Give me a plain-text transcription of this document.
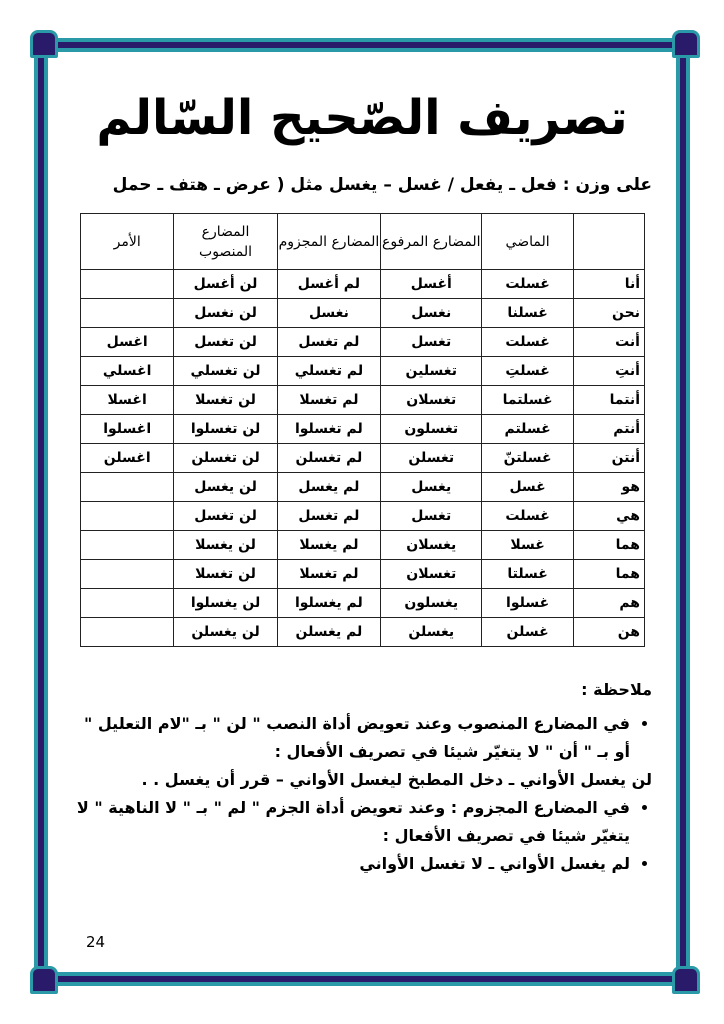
تصريف الصّحيح السّالم
على وزن : فعل ـ يفعل / غسل – يغسل مثل ( عرض ـ هتف ـ حمل
	الماضي	المضارع المرفوع	المضارع المجزوم	المضارع المنصوب	الأمر
أنا	غسلت	أغسل	لم أغسل	لن أغسل	
نحن	غسلنا	نغسل	نغسل	لن نغسل	
أنت	غسلت	تغسل	لم تغسل	لن تغسل	اغسل
أنتِ	غسلتِ	تغسلين	لم تغسلي	لن تغسلي	اغسلي
أنتما	غسلتما	تغسلان	لم تغسلا	لن تغسلا	اغسلا
أنتم	غسلتم	تغسلون	لم تغسلوا	لن تغسلوا	اغسلوا
أنتن	غسلتنّ	تغسلن	لم تغسلن	لن تغسلن	اغسلن
هو	غسل	يغسل	لم يغسل	لن يغسل	
هي	غسلت	تغسل	لم تغسل	لن تغسل	
هما	غسلا	يغسلان	لم يغسلا	لن يغسلا	
هما	غسلتا	تغسلان	لم تغسلا	لن تغسلا	
هم	غسلوا	يغسلون	لم يغسلوا	لن يغسلوا	
هن	غسلن	يغسلن	لم يغسلن	لن يغسلن	
ملاحظة :
• في المضارع المنصوب وعند تعويض أداة النصب " لن " بـ "لام التعليل " أو بـ " أن " لا يتغيّر شيئا في تصريف الأفعال :
لن يغسل الأواني ـ دخل المطبخ ليغسل الأواني – قرر أن يغسل . .
• في المضارع المجزوم : وعند تعويض أداة الجزم " لم " بـ " لا الناهية " لا يتغيّر شيئا في تصريف الأفعال :
• لم يغسل الأواني ـ لا تغسل الأواني
24
